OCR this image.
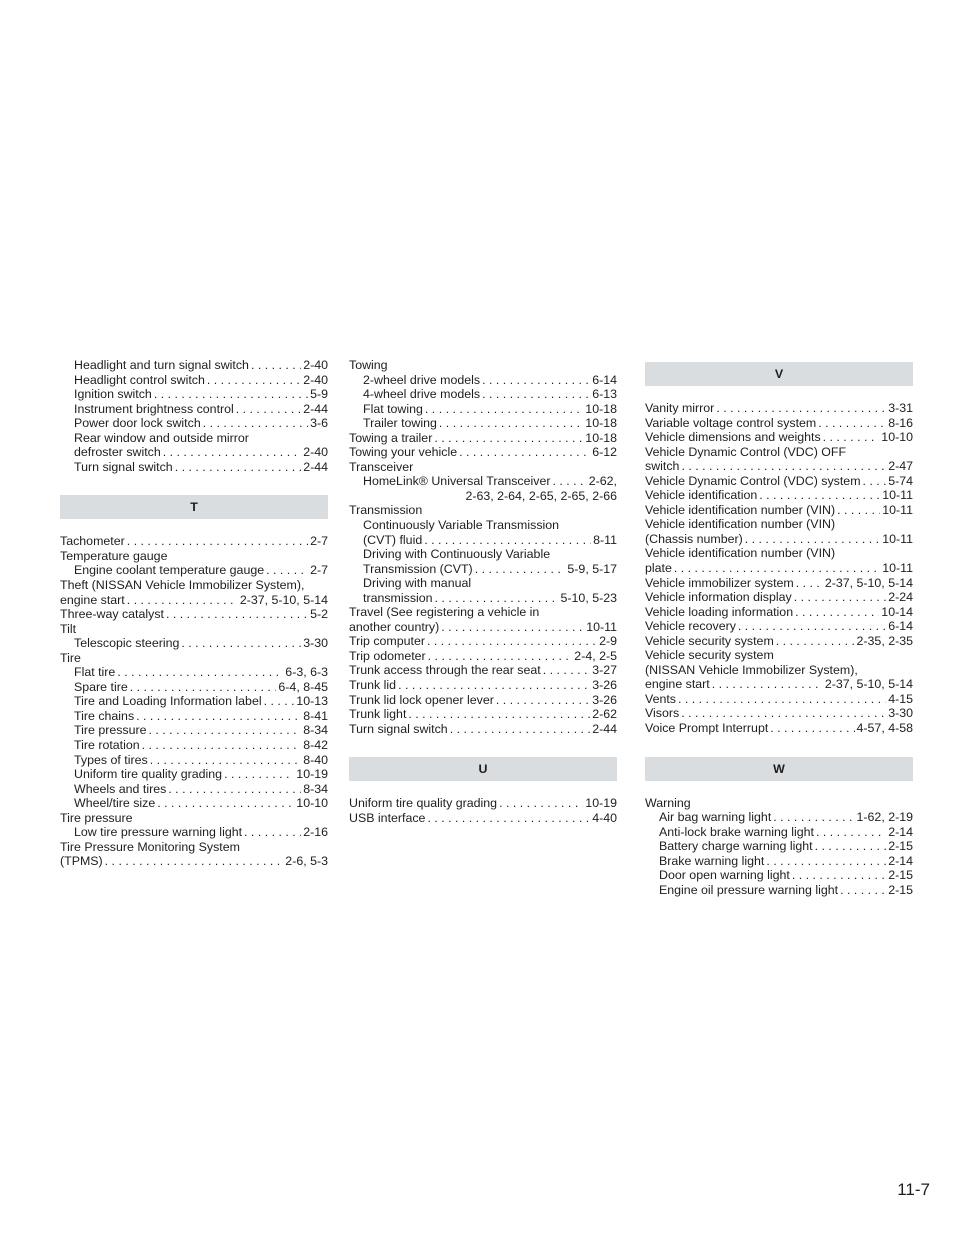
Headlight and turn signal switch . . .	2-40
Headlight control switch . . .	2-40
Ignition switch . . .	5-9
Instrument brightness control . . .	2-44
Power door lock switch . . .	3-6
Rear window and outside mirror
defroster switch . . .	2-40
Turn signal switch . . .	2-44
T
Tachometer . . .	2-7
Temperature gauge
Engine coolant temperature gauge . . .	2-7
Theft (NISSAN Vehicle Immobilizer System),
engine start . . .	2-37, 5-10, 5-14
Three-way catalyst . . .	5-2
Tilt
Telescopic steering . . .	3-30
Tire
Flat tire . . .	6-3, 6-3
Spare tire . . .	6-4, 8-45
Tire and Loading Information label . . .	10-13
Tire chains . . .	8-41
Tire pressure . . .	8-34
Tire rotation . . .	8-42
Types of tires . . .	8-40
Uniform tire quality grading . . .	10-19
Wheels and tires . . .	8-34
Wheel/tire size . . .	10-10
Tire pressure
Low tire pressure warning light . . .	2-16
Tire Pressure Monitoring System
(TPMS) . . .	2-6, 5-3
Towing
2-wheel drive models . . .	6-14
4-wheel drive models . . .	6-13
Flat towing . . .	10-18
Trailer towing . . .	10-18
Towing a trailer . . .	10-18
Towing your vehicle . . .	6-12
Transceiver
HomeLink® Universal Transceiver . . .	2-62,
2-63, 2-64, 2-65, 2-65, 2-66
Transmission
Continuously Variable Transmission
(CVT) fluid . . .	8-11
Driving with Continuously Variable
Transmission (CVT) . . .	5-9, 5-17
Driving with manual
transmission . . .	5-10, 5-23
Travel (See registering a vehicle in
another country) . . .	10-11
Trip computer . . .	2-9
Trip odometer . . .	2-4, 2-5
Trunk access through the rear seat . . .	3-27
Trunk lid . . .	3-26
Trunk lid lock opener lever . . .	3-26
Trunk light . . .	2-62
Turn signal switch . . .	2-44
U
Uniform tire quality grading . . .	10-19
USB interface . . .	4-40
V
Vanity mirror . . .	3-31
Variable voltage control system . . .	8-16
Vehicle dimensions and weights . . .	10-10
Vehicle Dynamic Control (VDC) OFF
switch . . .	2-47
Vehicle Dynamic Control (VDC) system . . . 5-74
Vehicle identification . . .	10-11
Vehicle identification number (VIN) . . .	10-11
Vehicle identification number (VIN)
(Chassis number) . . .	10-11
Vehicle identification number (VIN)
plate . . .	10-11
Vehicle immobilizer system . . .	2-37, 5-10, 5-14
Vehicle information display . . .	2-24
Vehicle loading information . . .	10-14
Vehicle recovery . . .	6-14
Vehicle security system . . .	2-35, 2-35
Vehicle security system
(NISSAN Vehicle Immobilizer System),
engine start . . .	2-37, 5-10, 5-14
Vents . . .	4-15
Visors . . .	3-30
Voice Prompt Interrupt . . .	4-57, 4-58
W
Warning
Air bag warning light . . .	1-62, 2-19
Anti-lock brake warning light . . .	2-14
Battery charge warning light . . .	2-15
Brake warning light . . .	2-14
Door open warning light . . .	2-15
Engine oil pressure warning light . . .	2-15
11-7
